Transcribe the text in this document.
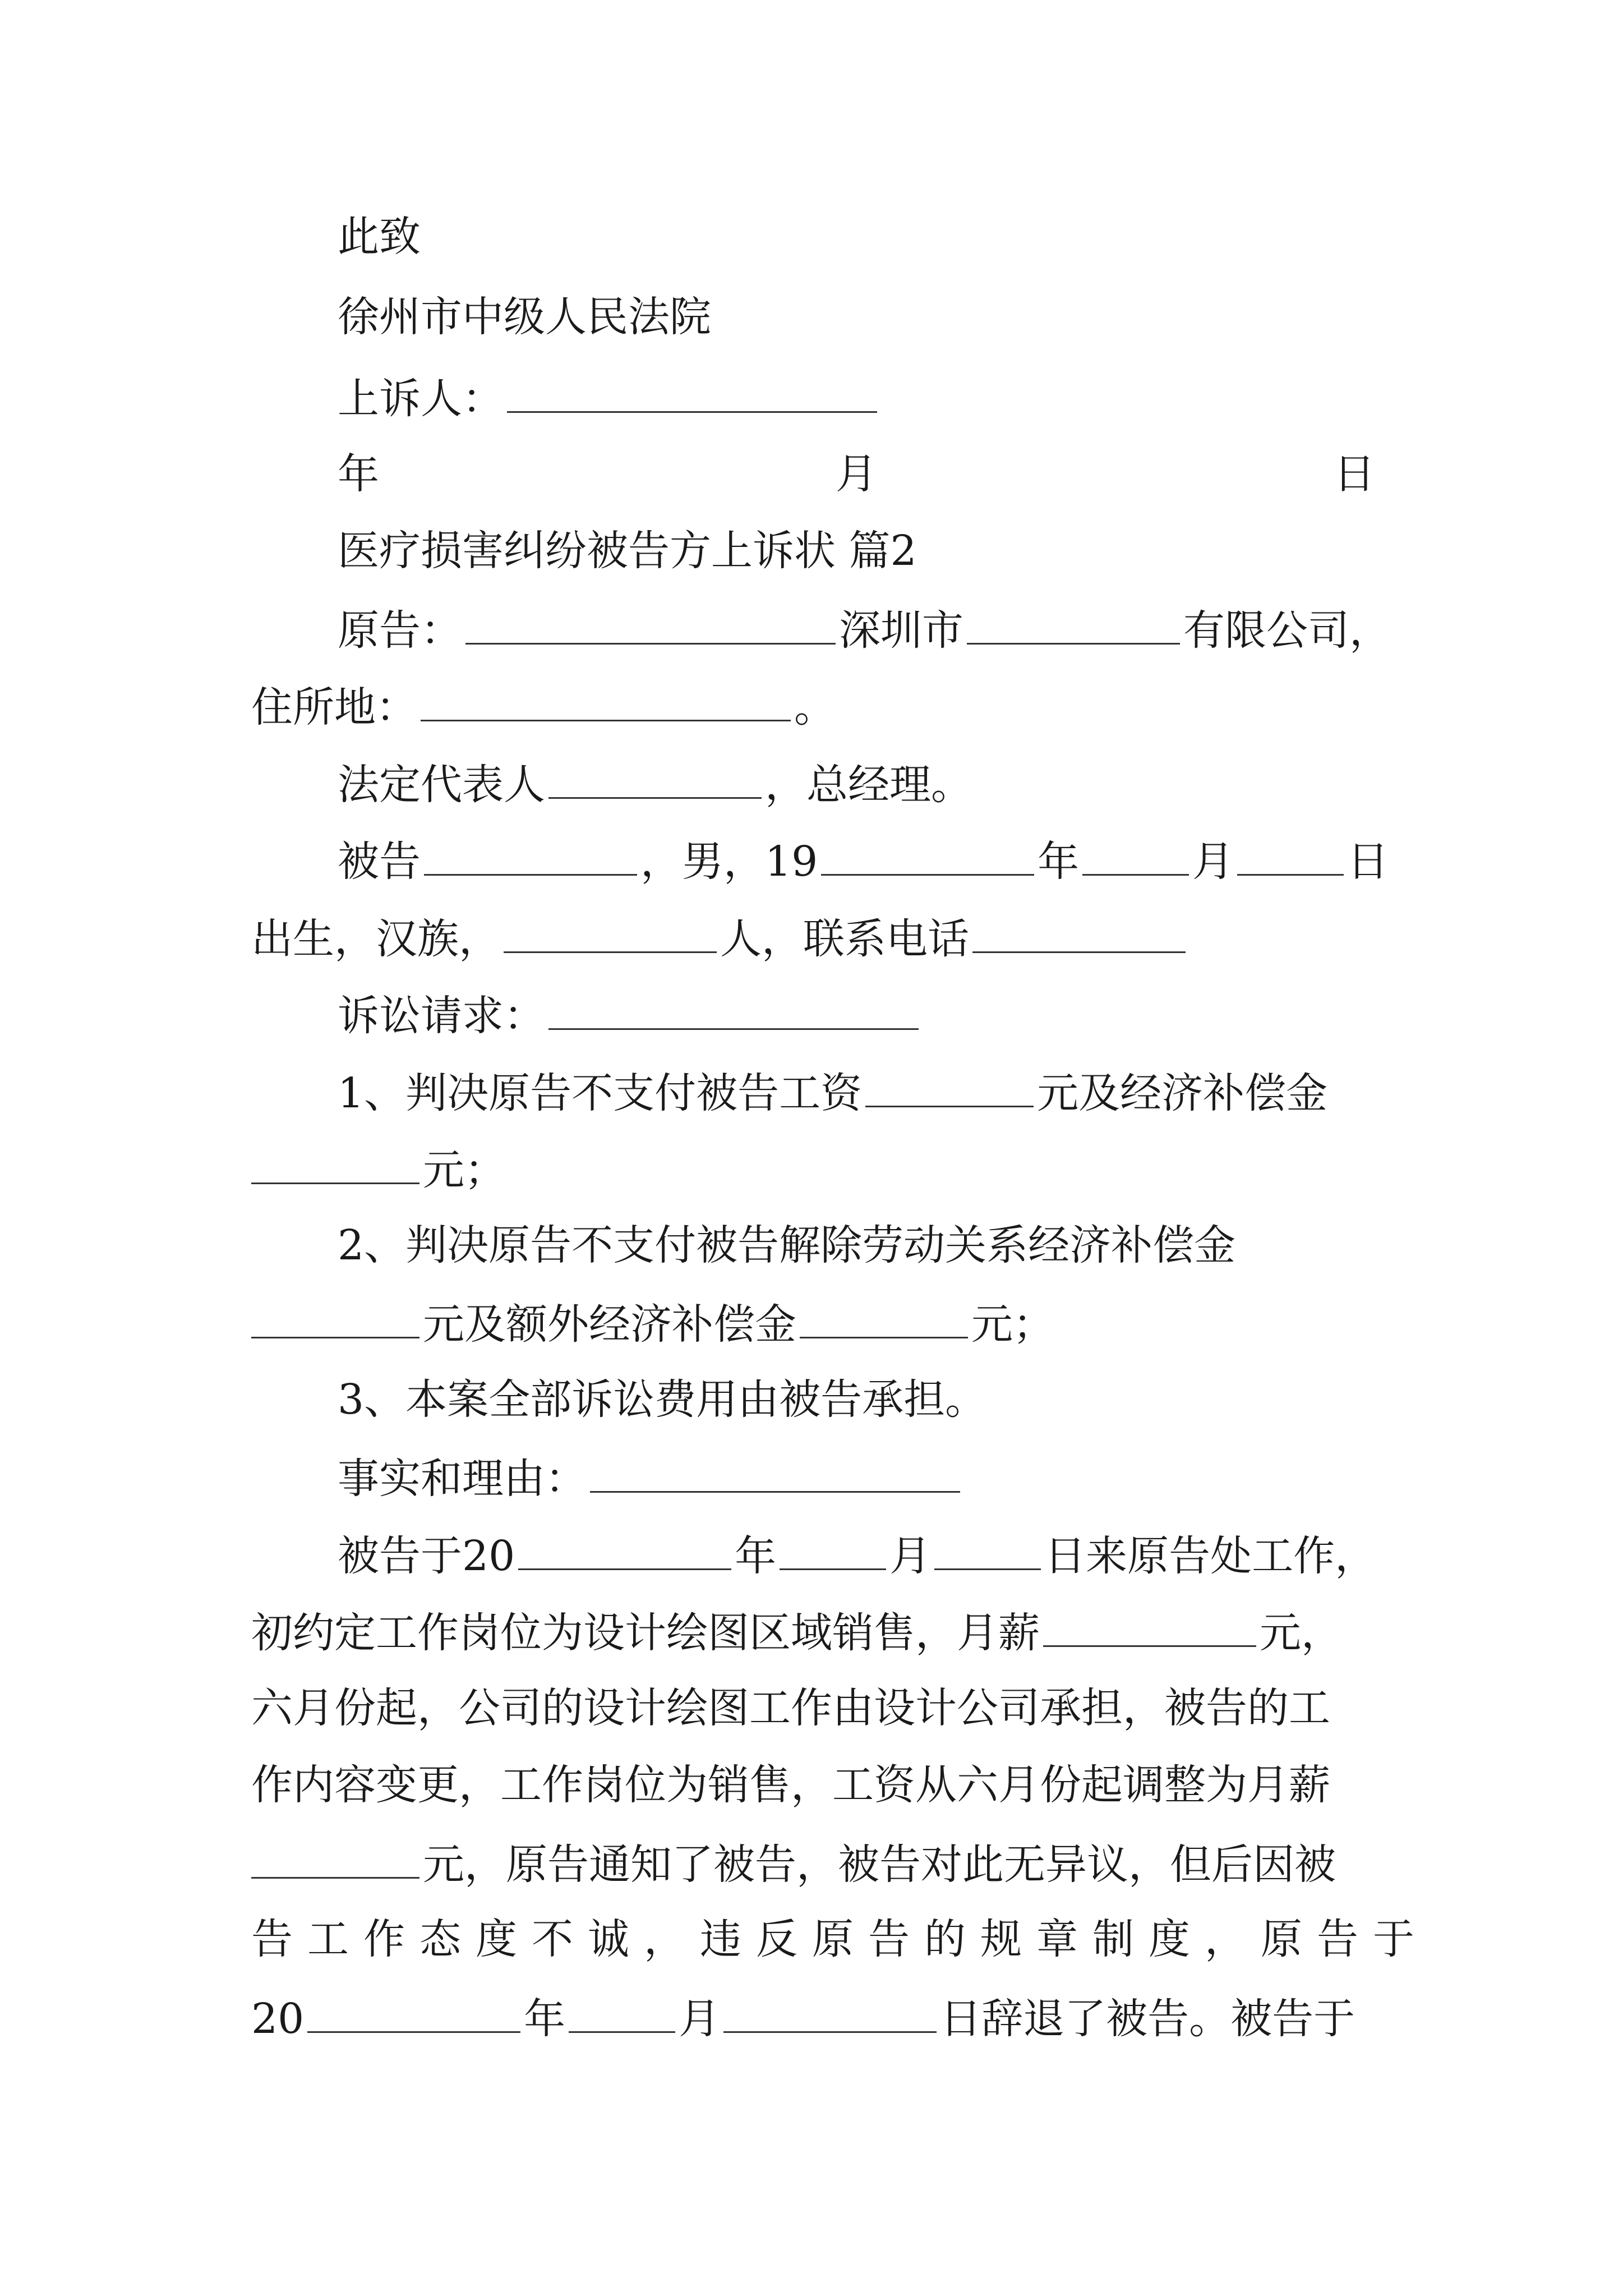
此致
徐州市中级人民法院
上诉人：
年	月	日
医疗损害纠纷被告方上诉状 篇2
原告：	深圳市	有限公司，
住所地：	。
法定代表人	，总经理。
被告	，男，19	年	月	日
出生，汉族，	人，联系电话
诉讼请求：
1、判决原告不支付被告工资	元及经济补偿金
元；
2、判决原告不支付被告解除劳动关系经济补偿金
元及额外经济补偿金	元；
3、本案全部诉讼费用由被告承担。
事实和理由：
被告于20	年	月	日来原告处工作，
初约定工作岗位为设计绘图区域销售，月薪	元，
六月份起，公司的设计绘图工作由设计公司承担，被告的工
作内容变更，工作岗位为销售，工资从六月份起调整为月薪
元，原告通知了被告，被告对此无异议，但后因被
告工作态度不诚，违反原告的规章制度，原告于
20	年	月	日辞退了被告。被告于
